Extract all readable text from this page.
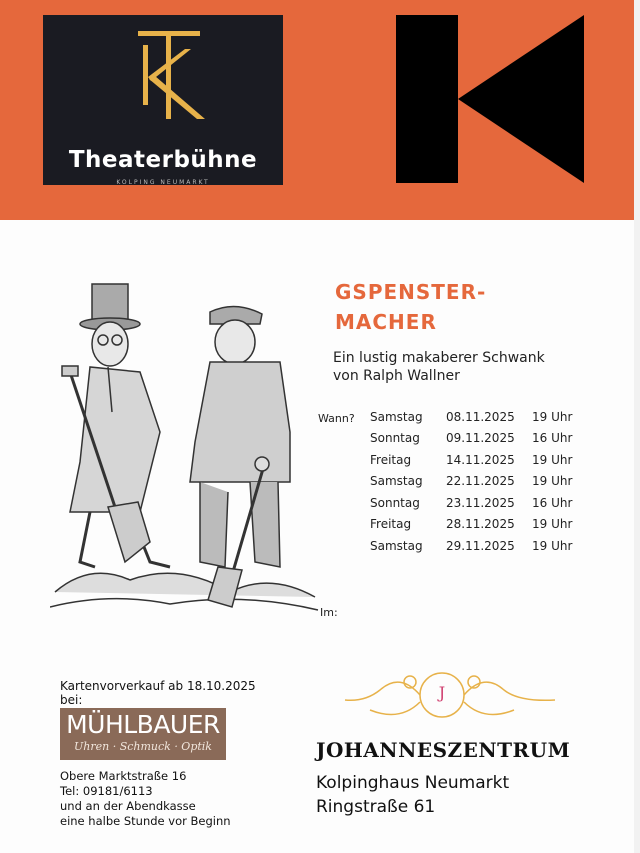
Theaterbühne
KOLPING NEUMARKT
GSPENSTER-
MACHER
Ein lustig makaberer Schwank
von Ralph Wallner
Wann? Samstag	08.11.2025	19 Uhr
Sonntag	09.11.2025	16 Uhr
Freitag	14.11.2025	19 Uhr
Samstag	22.11.2025	19 Uhr
Sonntag	23.11.2025	16 Uhr
Freitag	28.11.2025	19 Uhr
Samstag	29.11.2025	19 Uhr
Im:
Kartenvorverkauf ab 18.10.2025
bei:
MÜHLBAUER
Uhren · Schmuck · Optik
Obere Marktstraße 16
Tel: 09181/6113
und an der Abendkasse
eine halbe Stunde vor Beginn
J
JOHANNESZENTRUM
Kolpinghaus Neumarkt
Ringstraße 61
